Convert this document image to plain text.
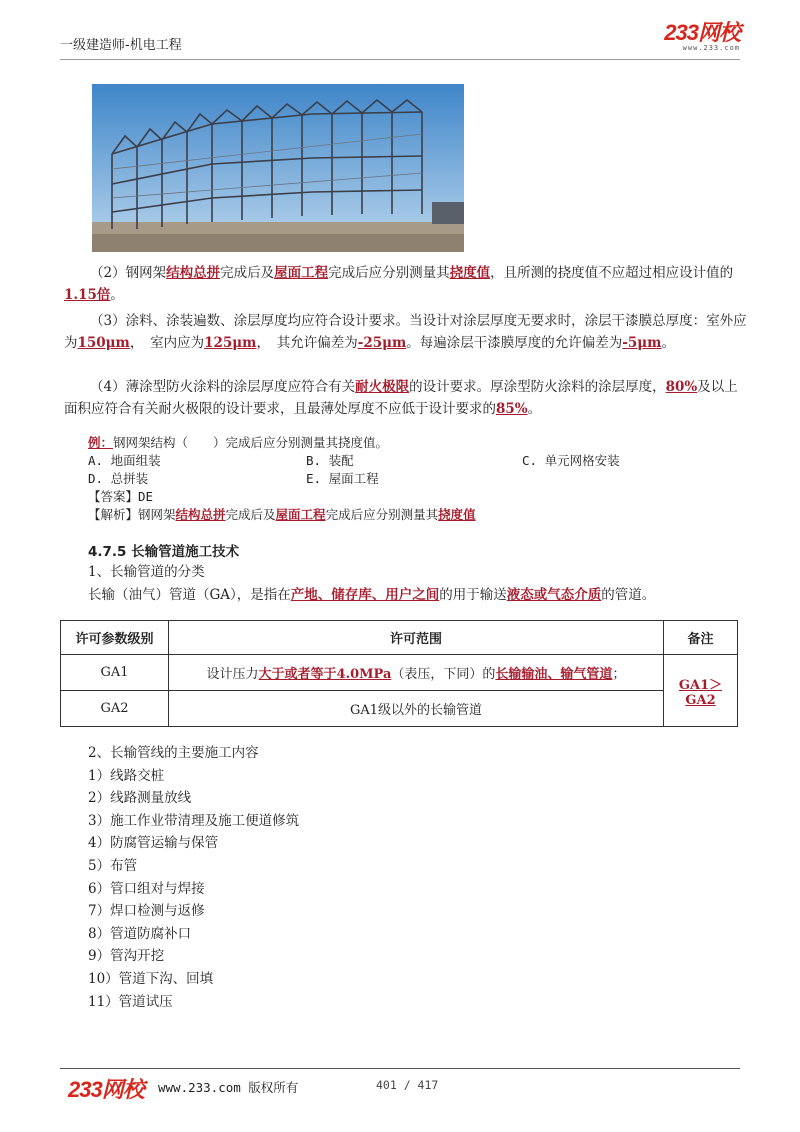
一级建造师-机电工程
233网校
www.233.com
（2）钢网架结构总拼完成后及屋面工程完成后应分别测量其挠度值，且所测的挠度值不应超过相应设计值的1.15倍。
（3）涂料、涂装遍数、涂层厚度均应符合设计要求。当设计对涂层厚度无要求时，涂层干漆膜总厚度：室外应为150μm，　室内应为125μm，　其允许偏差为-25μm。每遍涂层干漆膜厚度的允许偏差为-5μm。
（4）薄涂型防火涂料的涂层厚度应符合有关耐火极限的设计要求。厚涂型防火涂料的涂层厚度，80%及以上面积应符合有关耐火极限的设计要求，且最薄处厚度不应低于设计要求的85%。
例：钢网架结构（　　）完成后应分别测量其挠度值。
A. 地面组装	B. 装配	C. 单元网格安装
D. 总拼装	E. 屋面工程
【答案】DE
【解析】钢网架结构总拼完成后及屋面工程完成后应分别测量其挠度值
4.7.5 长输管道施工技术
1、长输管道的分类
长输（油气）管道（GA），是指在产地、储存库、用户之间的用于输送液态或气态介质的管道。
许可参数级别	许可范围	备注
GA1	设计压力大于或者等于4.0MPa（表压，下同）的长输输油、输气管道；	GA1＞GA2
GA2	GA1级以外的长输管道	
2、长输管线的主要施工内容
1）线路交桩
2）线路测量放线
3）施工作业带清理及施工便道修筑
4）防腐管运输与保管
5）布管
6）管口组对与焊接
7）焊口检测与返修
8）管道防腐补口
9）管沟开挖
10）管道下沟、回填
11）管道试压
233网校 www.233.com 版权所有	401 / 417
